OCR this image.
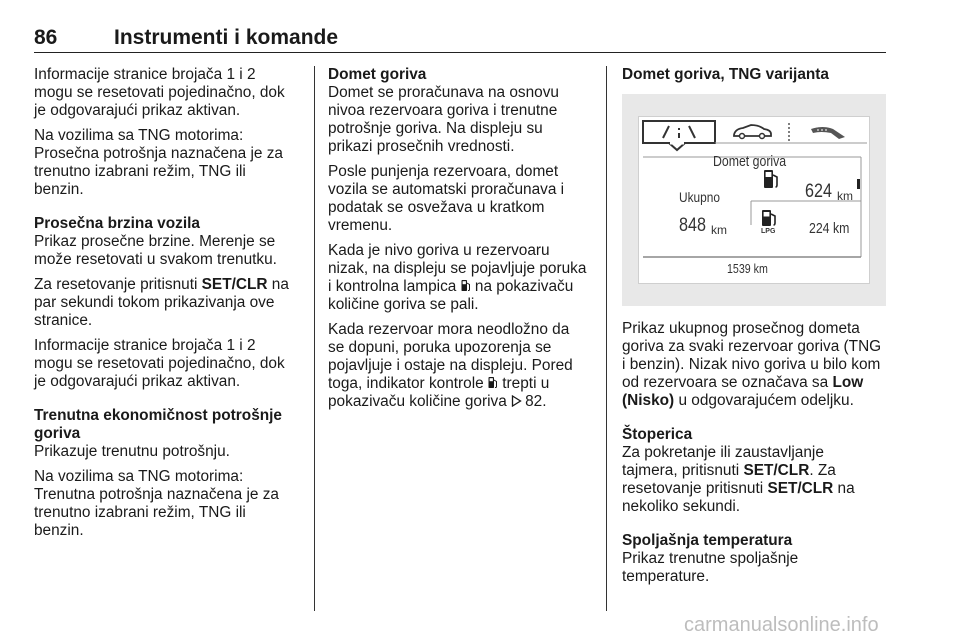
86	Instrumenti i komande

Informacije stranice brojača 1 i 2
mogu se resetovati pojedinačno, dok
je odgovarajući prikaz aktivan.

Na vozilima sa TNG motorima:
Prosečna potrošnja naznačena je za
trenutno izabrani režim, TNG ili
benzin.

Prosečna brzina vozila
Prikaz prosečne brzine. Merenje se
može resetovati u svakom trenutku.

Za resetovanje pritisnuti SET/CLR na
par sekundi tokom prikazivanja ove
stranice.

Informacije stranice brojača 1 i 2
mogu se resetovati pojedinačno, dok
je odgovarajući prikaz aktivan.

Trenutna ekonomičnost potrošnje
goriva
Prikazuje trenutnu potrošnju.

Na vozilima sa TNG motorima:
Trenutna potrošnja naznačena je za
trenutno izabrani režim, TNG ili
benzin.

Domet goriva
Domet se proračunava na osnovu
nivoa rezervoara goriva i trenutne
potrošnje goriva. Na displeju su
prikazi prosečnih vrednosti.

Posle punjenja rezervoara, domet
vozila se automatski proračunava i
podatak se osvežava u kratkom
vremenu.

Kada je nivo goriva u rezervoaru
nizak, na displeju se pojavljuje poruka
i kontrolna lampica  na pokazivaču
količine goriva se pali.

Kada rezervoar mora neodložno da
se dopuni, poruka upozorenja se
pojavljuje i ostaje na displeju. Pored
toga, indikator kontrole  trepti u
pokazivaču količine goriva 82.

Domet goriva, TNG varijanta

LPG
Domet goriva
Ukupno	624 km
848 km	224 km
1539 km

Prikaz ukupnog prosečnog dometa
goriva za svaki rezervoar goriva (TNG
i benzin). Nizak nivo goriva u bilo kom
od rezervoara se označava sa Low
(Nisko) u odgovarajućem odeljku.

Štoperica
Za pokretanje ili zaustavljanje
tajmera, pritisnuti SET/CLR. Za
resetovanje pritisnuti SET/CLR na
nekoliko sekundi.

Spoljašnja temperatura
Prikaz trenutne spoljašnje
temperature.

carmanualsonline.info
